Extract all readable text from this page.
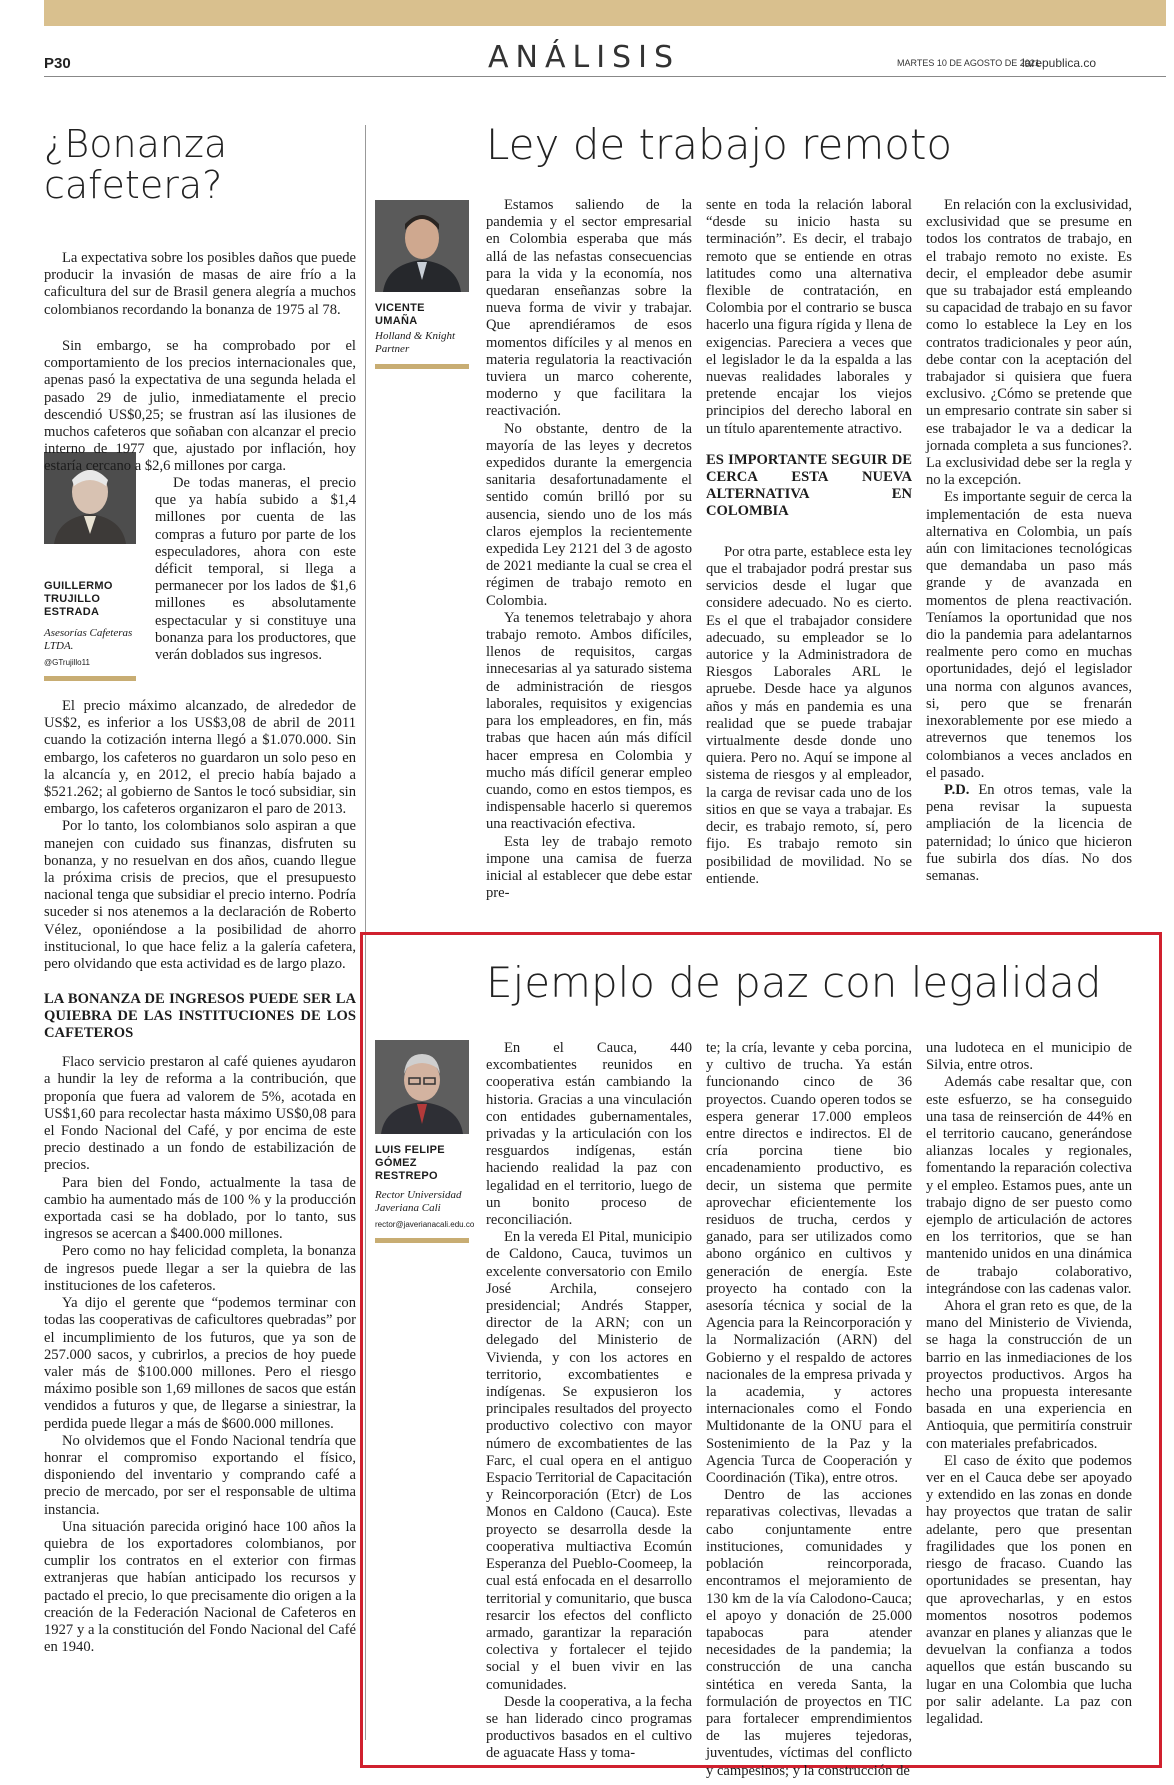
P30	ANÁLISIS	MARTES 10 DE AGOSTO DE 2021
larepublica.co
¿Bonanza cafetera?

La expectativa sobre los posibles daños que puede producir la invasión de masas de aire frío a la caficultura del sur de Brasil genera alegría a muchos colombianos recordando la bonanza de 1975 al 78.

GUILLERMO TRUJILLO ESTRADA
Asesorías Cafeteras LTDA.
@GTrujillo11

Sin embargo, se ha comprobado por el comportamiento de los precios internacionales que, apenas pasó la expectativa de una segunda helada el pasado 29 de julio, inmediatamente el precio descendió US$0,25; se frustran así las ilusiones de muchos cafeteros que soñaban con alcanzar el precio interno de 1977 que, ajustado por inflación, hoy estaría cercano a $2,6 millones por carga.

De todas maneras, el precio que ya había subido a $1,4 millones por cuenta de las compras a futuro por parte de los especuladores, ahora con este déficit temporal, si llega a permanecer por los lados de $1,6 millones es absolutamente espectacular y si constituye una bonanza para los productores, que verán doblados sus ingresos.

El precio máximo alcanzado, de alrededor de US$2, es inferior a los US$3,08 de abril de 2011 cuando la cotización interna llegó a $1.070.000. Sin embargo, los cafeteros no guardaron un solo peso en la alcancía y, en 2012, el precio había bajado a $521.262; al gobierno de Santos le tocó subsidiar, sin embargo, los cafeteros organizaron el paro de 2013.

Por lo tanto, los colombianos solo aspiran a que manejen con cuidado sus finanzas, disfruten su bonanza, y no resuelvan en dos años, cuando llegue la próxima crisis de precios, que el presupuesto nacional tenga que subsidiar el precio interno. Podría suceder si nos atenemos a la declaración de Roberto Vélez, oponiéndose a la posibilidad de ahorro institucional, lo que hace feliz a la galería cafetera, pero olvidando que esta actividad es de largo plazo.

LA BONANZA DE INGRESOS PUEDE SER LA QUIEBRA DE LAS INSTITUCIONES DE LOS CAFETEROS

Flaco servicio prestaron al café quienes ayudaron a hundir la ley de reforma a la contribución, que proponía que fuera ad valorem de 5%, acotada en US$1,60 para recolectar hasta máximo US$0,08 para el Fondo Nacional del Café, y por encima de este precio destinado a un fondo de estabilización de precios.

Para bien del Fondo, actualmente la tasa de cambio ha aumentado más de 100 % y la producción exportada casi se ha doblado, por lo tanto, sus ingresos se acercan a $400.000 millones.

Pero como no hay felicidad completa, la bonanza de ingresos puede llegar a ser la quiebra de las instituciones de los cafeteros.

Ya dijo el gerente que “podemos terminar con todas las cooperativas de caficultores quebradas” por el incumplimiento de los futuros, que ya son de 257.000 sacos, y cubrirlos, a precios de hoy puede valer más de $100.000 millones. Pero el riesgo máximo posible son 1,69 millones de sacos que están vendidos a futuros y que, de llegarse a siniestrar, la perdida puede llegar a más de $600.000 millones.

No olvidemos que el Fondo Nacional tendría que honrar el compromiso exportando el físico, disponiendo del inventario y comprando café a precio de mercado, por ser el responsable de ultima instancia.

Una situación parecida originó hace 100 años la quiebra de los exportadores colombianos, por cumplir los contratos en el exterior con firmas extranjeras que habían anticipado los recursos y pactado el precio, lo que precisamente dio origen a la creación de la Federación Nacional de Cafeteros en 1927 y a la constitución del Fondo Nacional del Café en 1940.

Ley de trabajo remoto
VICENTE UMAÑA
Holland & Knight Partner

Estamos saliendo de la pandemia y el sector empresarial en Colombia esperaba que más allá de las nefastas consecuencias para la vida y la economía, nos quedaran enseñanzas sobre la nueva forma de vivir y trabajar. Que aprendiéramos de esos momentos difíciles y al menos en materia regulatoria la reactivación tuviera un marco coherente, moderno y que facilitara la reactivación.

No obstante, dentro de la mayoría de las leyes y decretos expedidos durante la emergencia sanitaria desafortunadamente el sentido común brilló por su ausencia, siendo uno de los más claros ejemplos la recientemente expedida Ley 2121 del 3 de agosto de 2021 mediante la cual se crea el régimen de trabajo remoto en Colombia.

Ya tenemos teletrabajo y ahora trabajo remoto. Ambos difíciles, llenos de requisitos, cargas innecesarias al ya saturado sistema de administración de riesgos laborales, requisitos y exigencias para los empleadores, en fin, más trabas que hacen aún más difícil hacer empresa en Colombia y mucho más difícil generar empleo cuando, como en estos tiempos, es indispensable hacerlo si queremos una reactivación efectiva.

Esta ley de trabajo remoto impone una camisa de fuerza inicial al establecer que debe estar pre-

sente en toda la relación laboral “desde su inicio hasta su terminación”. Es decir, el trabajo remoto que se entiende en otras latitudes como una alternativa flexible de contratación, en Colombia por el contrario se busca hacerlo una figura rígida y llena de exigencias. Pareciera a veces que el legislador le da la espalda a las nuevas realidades laborales y pretende encajar los viejos principios del derecho laboral en un título aparentemente atractivo.

ES IMPORTANTE SEGUIR DE CERCA ESTA NUEVA ALTERNATIVA EN COLOMBIA

Por otra parte, establece esta ley que el trabajador podrá prestar sus servicios desde el lugar que considere adecuado. No es cierto. Es el que el trabajador considere adecuado, su empleador se lo autorice y la Administradora de Riesgos Laborales ARL le apruebe. Desde hace ya algunos años y más en pandemia es una realidad que se puede trabajar virtualmente desde donde uno quiera. Pero no. Aquí se impone al sistema de riesgos y al empleador, la carga de revisar cada uno de los sitios en que se vaya a trabajar. Es decir, es trabajo remoto, sí, pero fijo. Es trabajo remoto sin posibilidad de movilidad. No se entiende.

En relación con la exclusividad, exclusividad que se presume en todos los contratos de trabajo, en el trabajo remoto no existe. Es decir, el empleador debe asumir que su trabajador está empleando su capacidad de trabajo en su favor como lo establece la Ley en los contratos tradicionales y peor aún, debe contar con la aceptación del trabajador si quisiera que fuera exclusivo. ¿Cómo se pretende que un empresario contrate sin saber si ese trabajador le va a dedicar la jornada completa a sus funciones?. La exclusividad debe ser la regla y no la excepción.

Es importante seguir de cerca la implementación de esta nueva alternativa en Colombia, un país aún con limitaciones tecnológicas que demandaba un paso más grande y de avanzada en momentos de plena reactivación. Teníamos la oportunidad que nos dio la pandemia para adelantarnos realmente pero como en muchas oportunidades, dejó el legislador una norma con algunos avances, si, pero que se frenarán inexorablemente por ese miedo a atrevernos que tenemos los colombianos a veces anclados en el pasado.

P.D. En otros temas, vale la pena revisar la supuesta ampliación de la licencia de paternidad; lo único que hicieron fue subirla dos días. No dos semanas.

Ejemplo de paz con legalidad
LUIS FELIPE GÓMEZ RESTREPO
Rector Universidad Javeriana Cali
rector@javerianacali.edu.co

En el Cauca, 440 excombatientes reunidos en cooperativa están cambiando la historia. Gracias a una vinculación con entidades gubernamentales, privadas y la articulación con los resguardos indígenas, están haciendo realidad la paz con legalidad en el territorio, luego de un bonito proceso de reconciliación.

En la vereda El Pital, municipio de Caldono, Cauca, tuvimos un excelente conversatorio con Emilo José Archila, consejero presidencial; Andrés Stapper, director de la ARN; con un delegado del Ministerio de Vivienda, y con los actores en territorio, excombatientes e indígenas. Se expusieron los principales resultados del proyecto productivo colectivo con mayor número de excombatientes de las Farc, el cual opera en el antiguo Espacio Territorial de Capacitación y Reincorporación (Etcr) de Los Monos en Caldono (Cauca). Este proyecto se desarrolla desde la cooperativa multiactiva Ecomún Esperanza del Pueblo-Coomeep, la cual está enfocada en el desarrollo territorial y comunitario, que busca resarcir los efectos del conflicto armado, garantizar la reparación colectiva y fortalecer el tejido social y el buen vivir en las comunidades.

Desde la cooperativa, a la fecha se han liderado cinco programas productivos basados en el cultivo de aguacate Hass y toma-

te; la cría, levante y ceba porcina, y cultivo de trucha. Ya están funcionando cinco de 36 proyectos. Cuando operen todos se espera generar 17.000 empleos entre directos e indirectos. El de cría porcina tiene bio encadenamiento productivo, es decir, un sistema que permite aprovechar eficientemente los residuos de trucha, cerdos y ganado, para ser utilizados como abono orgánico en cultivos y generación de energía. Este proyecto ha contado con la asesoría técnica y social de la Agencia para la Reincorporación y la Normalización (ARN) del Gobierno y el respaldo de actores nacionales de la empresa privada y la academia, y actores internacionales como el Fondo Multidonante de la ONU para el Sostenimiento de la Paz y la Agencia Turca de Cooperación y Coordinación (Tika), entre otros.

Dentro de las acciones reparativas colectivas, llevadas a cabo conjuntamente entre instituciones, comunidades y población reincorporada, encontramos el mejoramiento de 130 km de la vía Calodono-Cauca; el apoyo y donación de 25.000 tapabocas para atender necesidades de la pandemia; la construcción de una cancha sintética en vereda Santa, la formulación de proyectos en TIC para fortalecer emprendimientos de las mujeres tejedoras, juventudes, víctimas del conflicto y campesinos; y la construcción de

una ludoteca en el municipio de Silvia, entre otros.

Además cabe resaltar que, con este esfuerzo, se ha conseguido una tasa de reinserción de 44% en el territorio caucano, generándose alianzas locales y regionales, fomentando la reparación colectiva y el empleo. Estamos pues, ante un trabajo digno de ser puesto como ejemplo de articulación de actores en los territorios, que se han mantenido unidos en una dinámica de trabajo colaborativo, integrándose con las cadenas valor.

Ahora el gran reto es que, de la mano del Ministerio de Vivienda, se haga la construcción de un barrio en las inmediaciones de los proyectos productivos. Argos ha hecho una propuesta interesante basada en una experiencia en Antioquia, que permitiría construir con materiales prefabricados.

El caso de éxito que podemos ver en el Cauca debe ser apoyado y extendido en las zonas en donde hay proyectos que tratan de salir adelante, pero que presentan fragilidades que los ponen en riesgo de fracaso. Cuando las oportunidades se presentan, hay que aprovecharlas, y en estos momentos nosotros podemos avanzar en planes y alianzas que le devuelvan la confianza a todos aquellos que están buscando su lugar en una Colombia que lucha por salir adelante. La paz con legalidad.
